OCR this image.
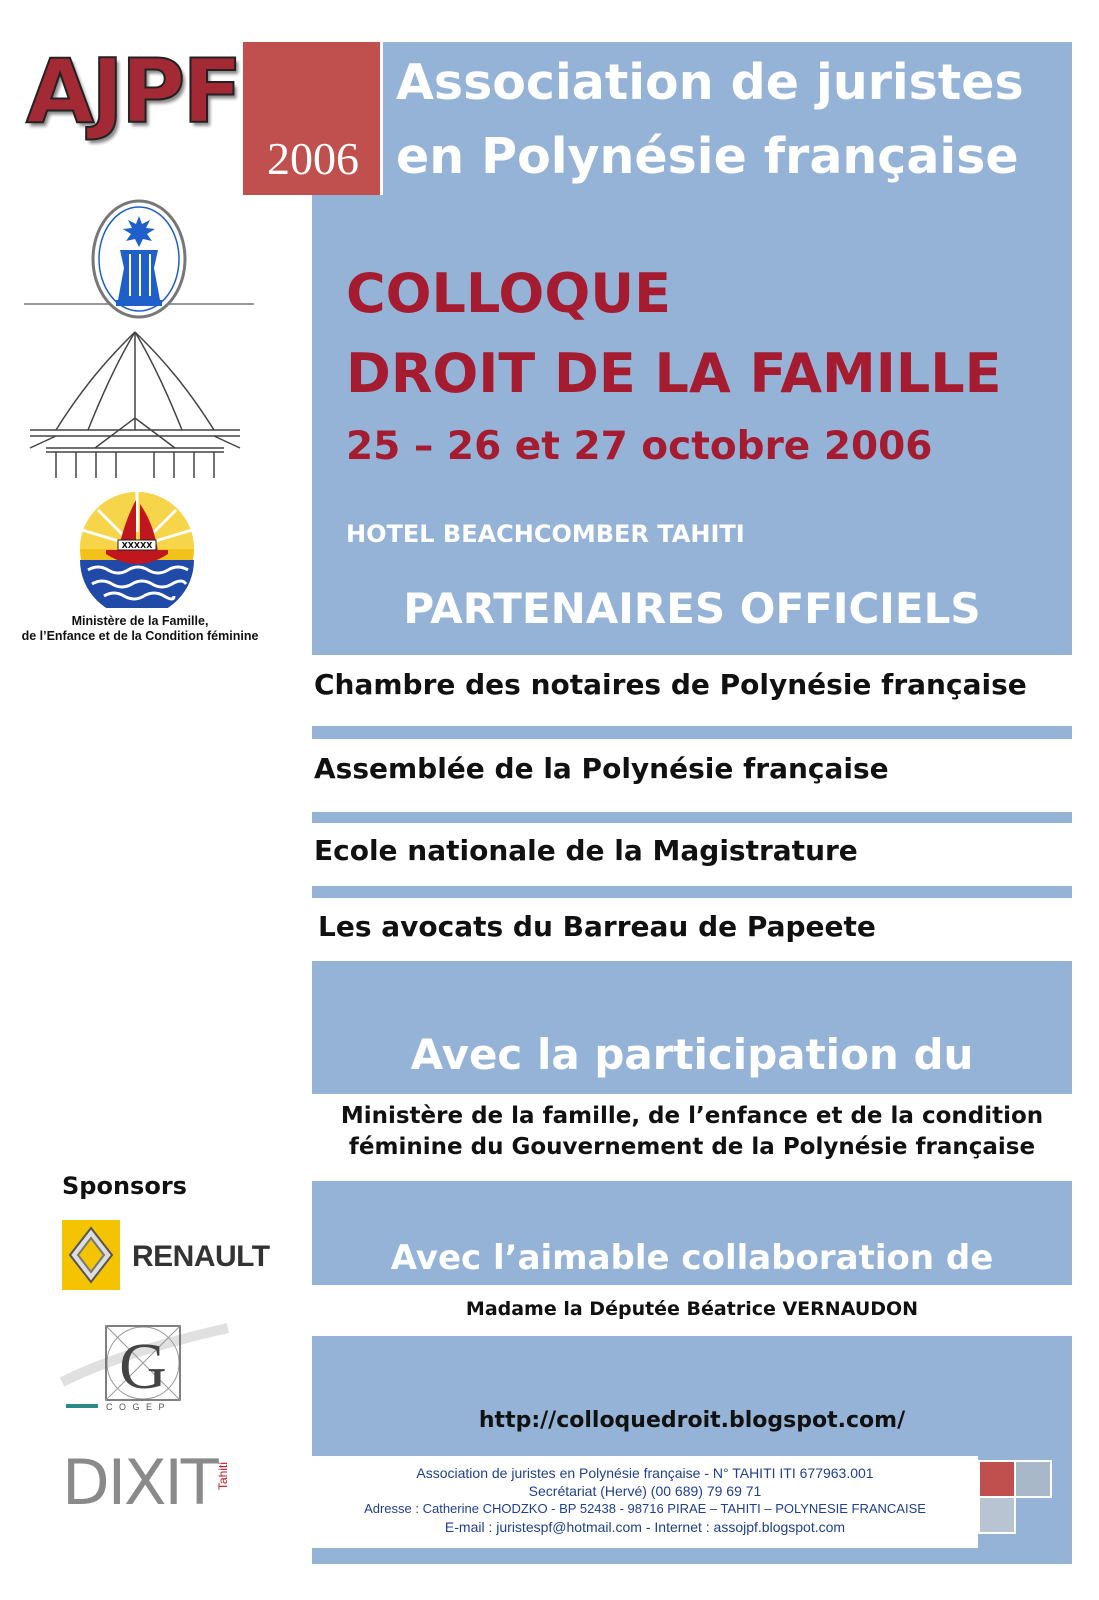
AJPF
2006
Association de juristes
en Polynésie française
COLLOQUE
DROIT DE LA FAMILLE
25 – 26 et 27 octobre 2006
HOTEL BEACHCOMBER TAHITI
PARTENAIRES OFFICIELS
Chambre des notaires de Polynésie française
Assemblée de la Polynésie française
Ecole nationale de la Magistrature
Les avocats du Barreau de Papeete
Avec la participation du
Ministère de la famille, de l’enfance et de la condition
féminine du Gouvernement de la Polynésie française
Avec l’aimable collaboration de
Madame la Députée Béatrice VERNAUDON
http://colloquedroit.blogspot.com/
Association de juristes en Polynésie française - N° TAHITI ITI 677963.001
Secrétariat (Hervé) (00 689) 79 69 71
Adresse : Catherine CHODZKO - BP 52438 - 98716 PIRAE – TAHITI – POLYNESIE FRANCAISE
E-mail : juristespf@hotmail.com - Internet : assojpf.blogspot.com
XXXXX
Ministère de la Famille,
de l’Enfance et de la Condition féminine
Sponsors
RENAULT
G
C O G E P
DIXIT Tahiti
